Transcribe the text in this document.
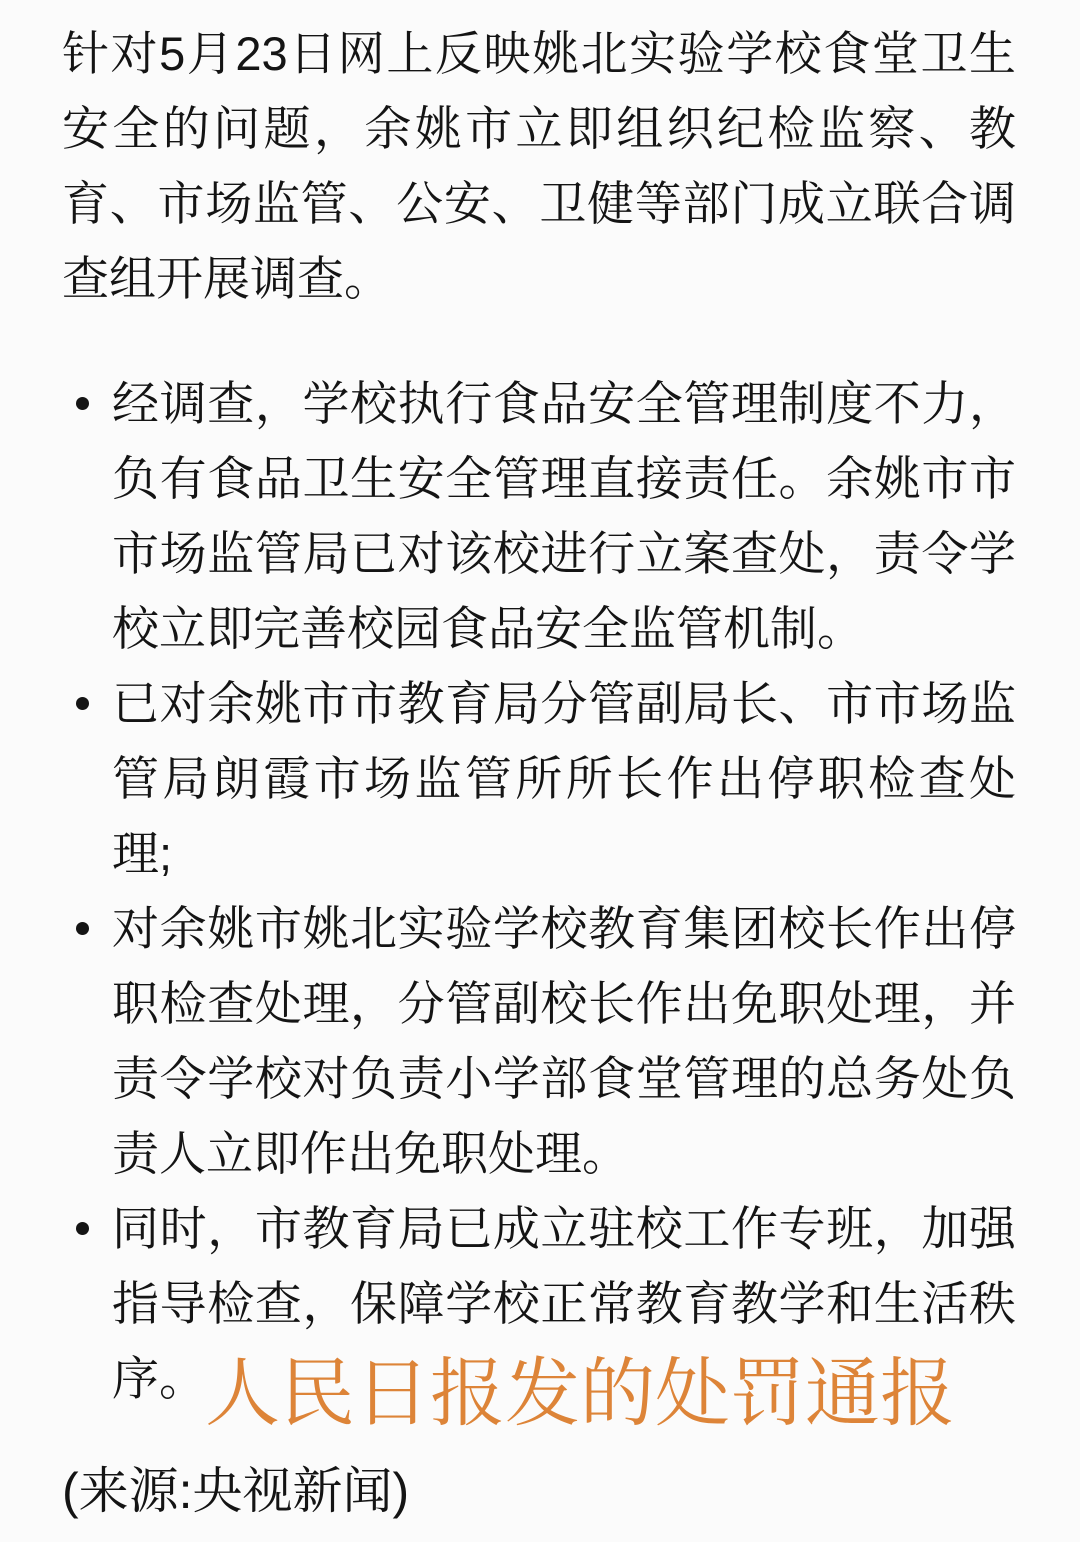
针对5月23日网上反映姚北实验学校食堂卫生安全的问题，余姚市立即组织纪检监察、教育、市场监管、公安、卫健等部门成立联合调查组开展调查。

经调查，学校执行食品安全管理制度不力，负有食品卫生安全管理直接责任。余姚市市市场监管局已对该校进行立案查处，责令学校立即完善校园食品安全监管机制。
已对余姚市市教育局分管副局长、市市场监管局朗霞市场监管所所长作出停职检查处理;
对余姚市姚北实验学校教育集团校长作出停职检查处理，分管副校长作出免职处理，并责令学校对负责小学部食堂管理的总务处负责人立即作出免职处理。
同时，市教育局已成立驻校工作专班，加强指导检查，保障学校正常教育教学和生活秩序。

(来源:央视新闻)

人民日报发的处罚通报
